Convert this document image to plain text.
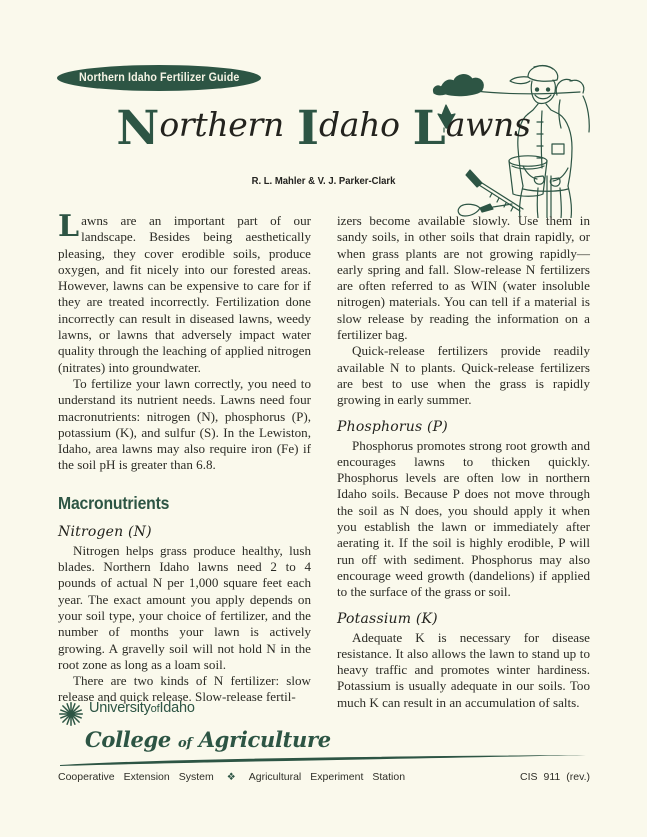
Northern Idaho Fertilizer Guide
Northern Idaho Lawns
R. L. Mahler & V. J. Parker-Clark

Lawns are an important part of our landscape. Besides being aesthetically pleasing, they cover erodible soils, produce oxygen, and fit nicely into our forested areas. However, lawns can be expensive to care for if they are treated incorrectly. Fertilization done incorrectly can result in diseased lawns, weedy lawns, or lawns that adversely impact water quality through the leaching of applied nitrogen (nitrates) into groundwater.

To fertilize your lawn correctly, you need to understand its nutrient needs. Lawns need four macronutrients: nitrogen (N), phosphorus (P), potassium (K), and sulfur (S). In the Lewiston, Idaho, area lawns may also require iron (Fe) if the soil pH is greater than 6.8.

Macronutrients
Nitrogen (N)

Nitrogen helps grass produce healthy, lush blades. Northern Idaho lawns need 2 to 4 pounds of actual N per 1,000 square feet each year. The exact amount you apply depends on your soil type, your choice of fertilizer, and the number of months your lawn is actively growing. A gravelly soil will not hold N in the root zone as long as a loam soil.

There are two kinds of N fertilizer: slow release and quick release. Slow-release fertil-

izers become available slowly. Use them in sandy soils, in other soils that drain rapidly, or when grass plants are not growing rapidly—early spring and fall. Slow-release N fertilizers are often referred to as WIN (water insoluble nitrogen) materials. You can tell if a material is slow release by reading the information on a fertilizer bag.

Quick-release fertilizers provide readily available N to plants. Quick-release fertilizers are best to use when the grass is rapidly growing in early summer.

Phosphorus (P)

Phosphorus promotes strong root growth and encourages lawns to thicken quickly. Phosphorus levels are often low in northern Idaho soils. Because P does not move through the soil as N does, you should apply it when you establish the lawn or immediately after aerating it. If the soil is highly erodible, P will run off with sediment. Phosphorus may also encourage weed growth (dandelions) if applied to the surface of the grass or soil.

Potassium (K)

Adequate K is necessary for disease resistance. It also allows the lawn to stand up to heavy traffic and promotes winter hardiness. Potassium is usually adequate in our soils. Too much K can result in an accumulation of salts.

UniversityofIdaho
College of Agriculture
Cooperative Extension System ❖ Agricultural Experiment Station	CIS 911 (rev.)
